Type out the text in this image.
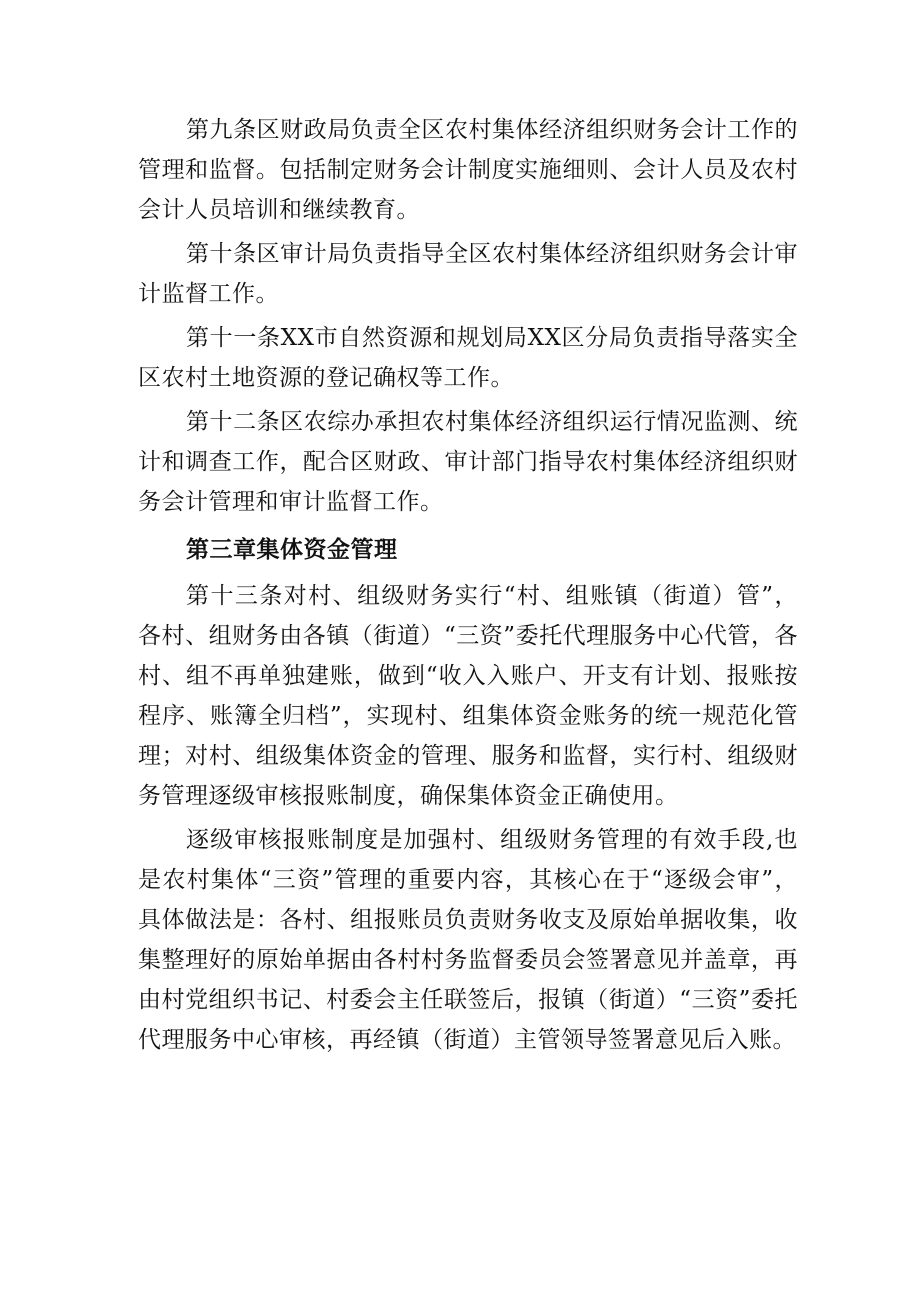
第九条区财政局负责全区农村集体经济组织财务会计工作的管理和监督。包括制定财务会计制度实施细则、会计人员及农村会计人员培训和继续教育。

第十条区审计局负责指导全区农村集体经济组织财务会计审计监督工作。

第十一条XX市自然资源和规划局XX区分局负责指导落实全区农村土地资源的登记确权等工作。

第十二条区农综办承担农村集体经济组织运行情况监测、统计和调查工作，配合区财政、审计部门指导农村集体经济组织财务会计管理和审计监督工作。

第三章集体资金管理

第十三条对村、组级财务实行“村、组账镇（街道）管”，各村、组财务由各镇（街道）“三资”委托代理服务中心代管，各村、组不再单独建账，做到“收入入账户、开支有计划、报账按程序、账簿全归档”，实现村、组集体资金账务的统一规范化管理；对村、组级集体资金的管理、服务和监督，实行村、组级财务管理逐级审核报账制度，确保集体资金正确使用。

逐级审核报账制度是加强村、组级财务管理的有效手段,也是农村集体“三资”管理的重要内容，其核心在于“逐级会审”，具体做法是：各村、组报账员负责财务收支及原始单据收集，收集整理好的原始单据由各村村务监督委员会签署意见并盖章，再由村党组织书记、村委会主任联签后，报镇（街道）“三资”委托代理服务中心审核，再经镇（街道）主管领导签署意见后入账。
